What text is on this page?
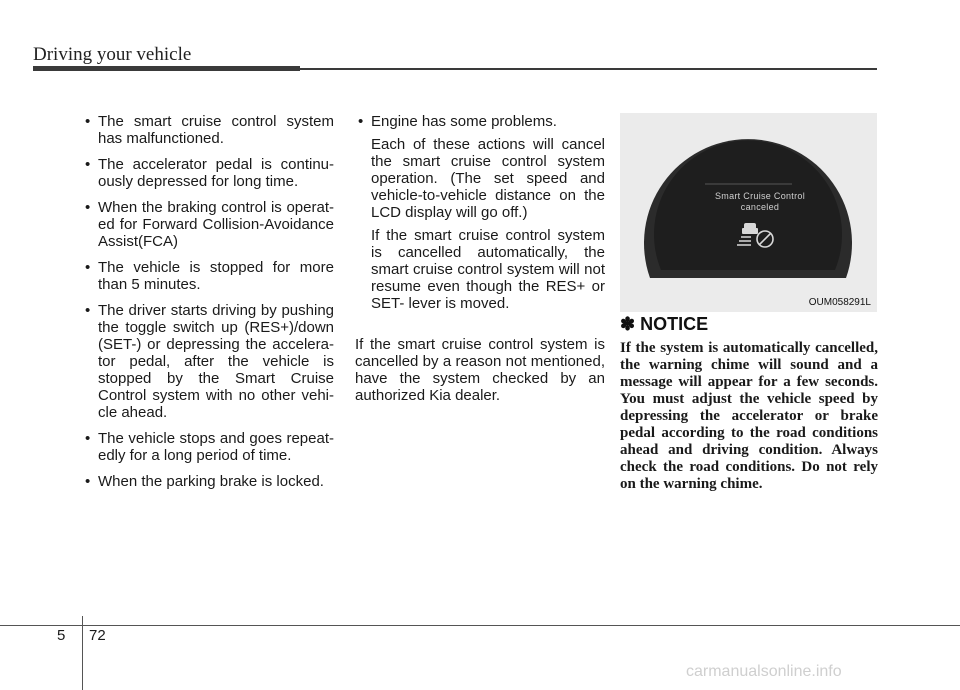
Driving your vehicle
• The smart cruise control system has malfunctioned.
• The accelerator pedal is continuously depressed for long time.
• When the braking control is operated for Forward Collision-Avoidance Assist(FCA)
• The vehicle is stopped for more than 5 minutes.
• The driver starts driving by pushing the toggle switch up (RES+)/down (SET-) or depressing the accelerator pedal, after the vehicle is stopped by the Smart Cruise Control system with no other vehicle ahead.
• The vehicle stops and goes repeatedly for a long period of time.
• When the parking brake is locked.
• Engine has some problems.
Each of these actions will cancel the smart cruise control system operation. (The set speed and vehicle-to-vehicle distance on the LCD display will go off.)
If the smart cruise control system is cancelled automatically, the smart cruise control system will not resume even though the RES+ or SET- lever is moved.
If the smart cruise control system is cancelled by a reason not mentioned, have the system checked by an authorized Kia dealer.
Smart Cruise Control
canceled
OUM058291L
✽ NOTICE
If the system is automatically cancelled, the warning chime will sound and a message will appear for a few seconds. You must adjust the vehicle speed by depressing the accelerator or brake pedal according to the road conditions ahead and driving condition. Always check the road conditions. Do not rely on the warning chime.
5 72
carmanualsonline.info
